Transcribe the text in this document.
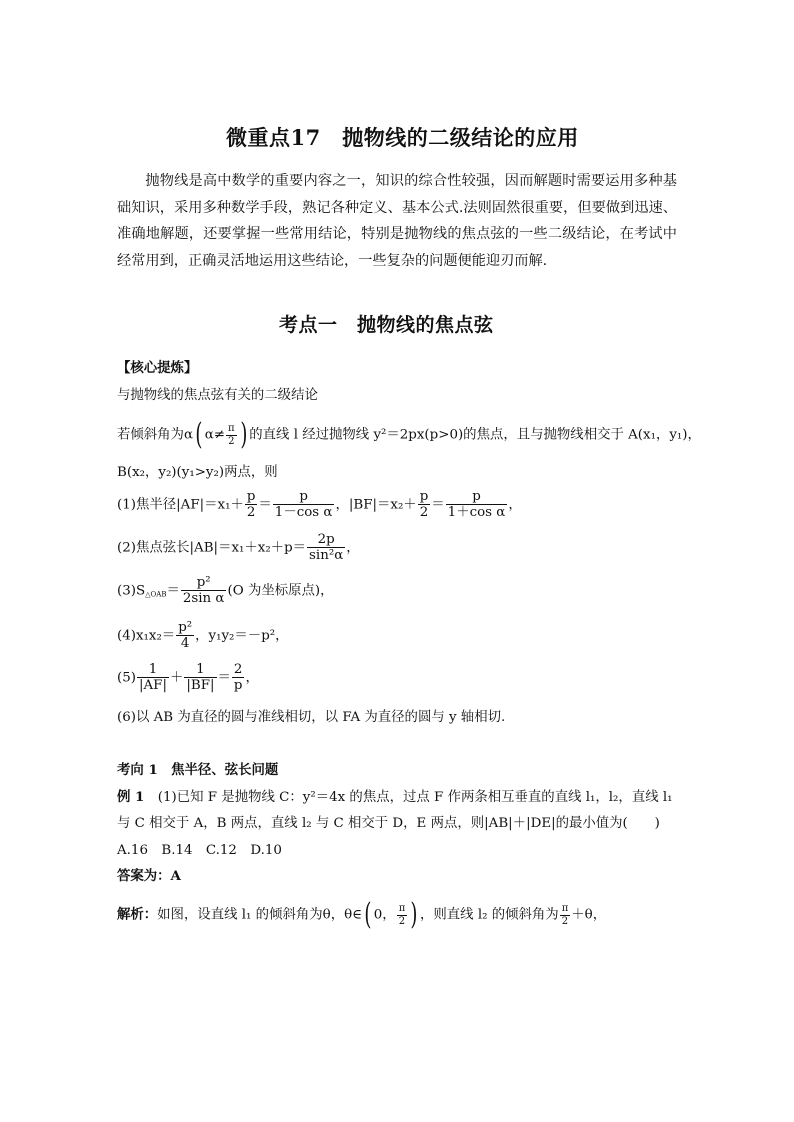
微重点17　抛物线的二级结论的应用

抛物线是高中数学的重要内容之一，知识的综合性较强，因而解题时需要运用多种基础知识，采用多种数学手段，熟记各种定义、基本公式.法则固然很重要，但要做到迅速、准确地解题，还要掌握一些常用结论，特别是抛物线的焦点弦的一些二级结论，在考试中经常用到，正确灵活地运用这些结论，一些复杂的问题便能迎刃而解.

考点一　抛物线的焦点弦
【核心提炼】
与抛物线的焦点弦有关的二级结论
若倾斜角为α( $\alpha\ne \frac{\pi}{2}$ ) 的直线 l 经过抛物线 y²＝2px(p>0)的焦点，且与抛物线相交于 A(x₁，y₁)，
B(x₂，y₂)(y₁>y₂)两点，则
(1)焦半径$|AF|=x_1+ \frac{p}{2} = \frac{p}{\text{1－cos α}}$ ，$|BF|=x_2+ \frac{p}{2} = \frac{p}{\text{1＋cos α}}$ ，
(2)焦点弦长$|AB|=x_1+x_2+p= \frac{2p}{\text{sin²α}}$ ，
$(3)S_{\triangle OAB}= \frac{\text{p²}}{\text{2sin α}} (O$ 为坐标原点)，
$(4)x_1x_2= \frac{\text{p²}}{4}$ ，y₁y₂＝－p²，
$(5) \frac{1}{|AF|} + \frac{1}{|BF|} = \frac{2}{p}$ ，
(6)以 AB 为直径的圆与准线相切，以 FA 为直径的圆与 y 轴相切.
考向 1　焦半径、弦长问题
例 1　(1)已知 F 是抛物线 C：y²＝4x 的焦点，过点 F 作两条相互垂直的直线 l₁，l₂，直线 l₁
与 C 相交于 A，B 两点，直线 l₂ 与 C 相交于 D，E 两点，则|AB|＋|DE|的最小值为(　　)
A.16　B.14　C.12　D.10
答案为：A
解析：如图，设直线 l₁ 的倾斜角为θ，θ∈( 0， $\frac{\pi}{2}$ ) ，则直线 l₂ 的倾斜角为 $\frac{\pi}{2} +\theta$，
